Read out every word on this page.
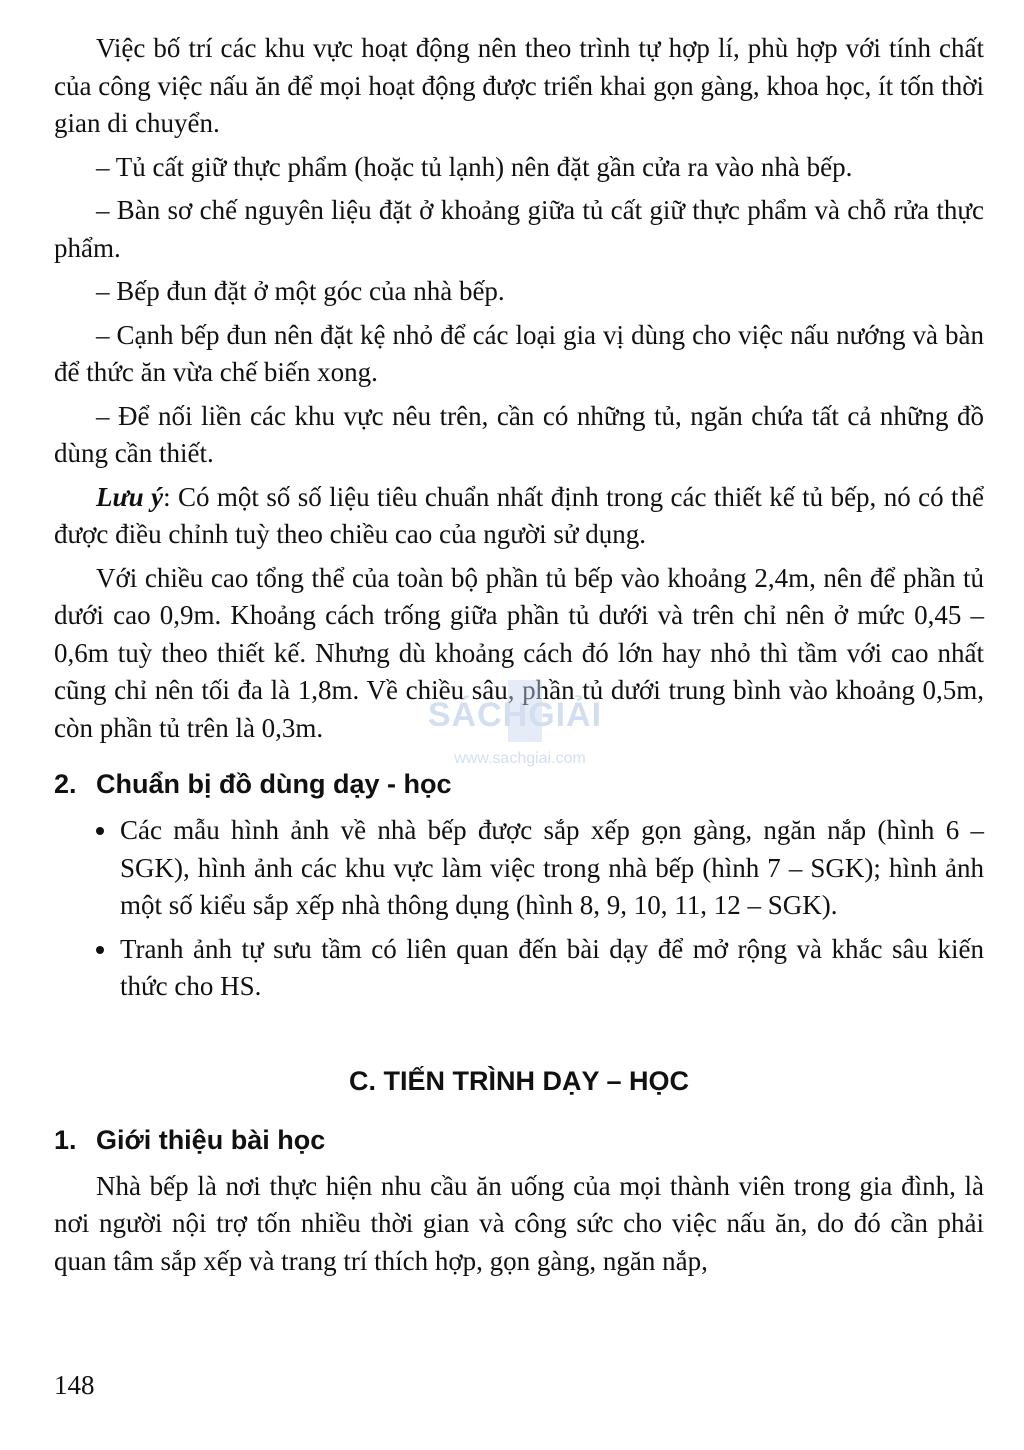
Việc bố trí các khu vực hoạt động nên theo trình tự hợp lí, phù hợp với tính chất của công việc nấu ăn để mọi hoạt động được triển khai gọn gàng, khoa học, ít tốn thời gian di chuyển.

– Tủ cất giữ thực phẩm (hoặc tủ lạnh) nên đặt gần cửa ra vào nhà bếp.

– Bàn sơ chế nguyên liệu đặt ở khoảng giữa tủ cất giữ thực phẩm và chỗ rửa thực phẩm.

– Bếp đun đặt ở một góc của nhà bếp.

– Cạnh bếp đun nên đặt kệ nhỏ để các loại gia vị dùng cho việc nấu nướng và bàn để thức ăn vừa chế biến xong.

– Để nối liền các khu vực nêu trên, cần có những tủ, ngăn chứa tất cả những đồ dùng cần thiết.

Lưu ý: Có một số số liệu tiêu chuẩn nhất định trong các thiết kế tủ bếp, nó có thể được điều chỉnh tuỳ theo chiều cao của người sử dụng.

Với chiều cao tổng thể của toàn bộ phần tủ bếp vào khoảng 2,4m, nên để phần tủ dưới cao 0,9m. Khoảng cách trống giữa phần tủ dưới và trên chỉ nên ở mức 0,45 – 0,6m tuỳ theo thiết kế. Nhưng dù khoảng cách đó lớn hay nhỏ thì tầm với cao nhất cũng chỉ nên tối đa là 1,8m. Về chiều sâu, phần tủ dưới trung bình vào khoảng 0,5m, còn phần tủ trên là 0,3m.

2. Chuẩn bị đồ dùng dạy - học
Các mẫu hình ảnh về nhà bếp được sắp xếp gọn gàng, ngăn nắp (hình 6 – SGK), hình ảnh các khu vực làm việc trong nhà bếp (hình 7 – SGK); hình ảnh một số kiểu sắp xếp nhà thông dụng (hình 8, 9, 10, 11, 12 – SGK).
Tranh ảnh tự sưu tầm có liên quan đến bài dạy để mở rộng và khắc sâu kiến thức cho HS.
C. TIẾN TRÌNH DẠY – HỌC
1. Giới thiệu bài học

Nhà bếp là nơi thực hiện nhu cầu ăn uống của mọi thành viên trong gia đình, là nơi người nội trợ tốn nhiều thời gian và công sức cho việc nấu ăn, do đó cần phải quan tâm sắp xếp và trang trí thích hợp, gọn gàng, ngăn nắp,

SÁCHGIẢI
www.sachgiai.com
148
